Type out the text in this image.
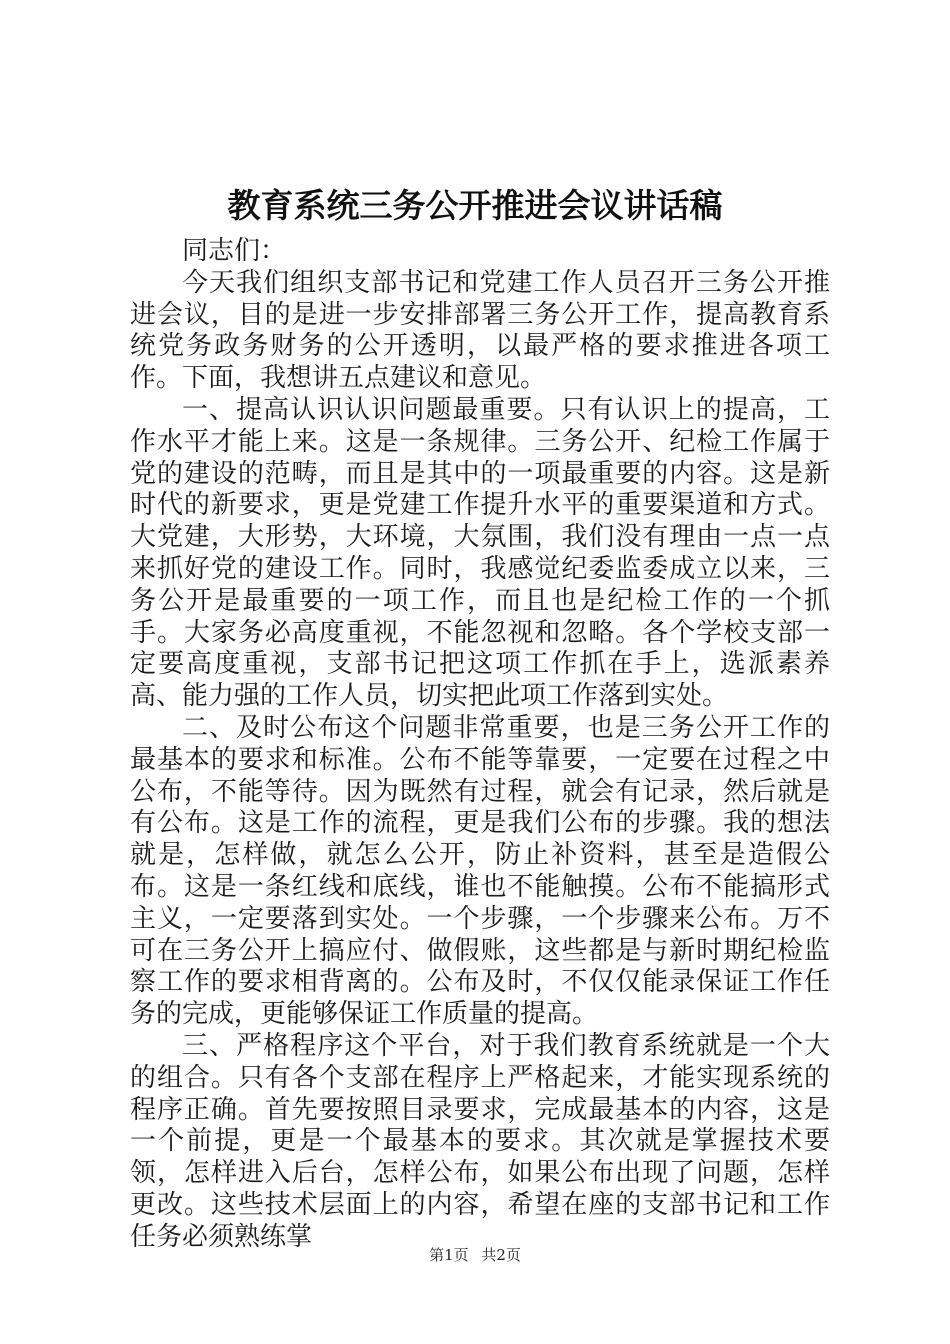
教育系统三务公开推进会议讲话稿

同志们：

今天我们组织支部书记和党建工作人员召开三务公开推进会议，目的是进一步安排部署三务公开工作，提高教育系统党务政务财务的公开透明，以最严格的要求推进各项工作。下面，我想讲五点建议和意见。

一、提高认识认识问题最重要。只有认识上的提高，工作水平才能上来。这是一条规律。三务公开、纪检工作属于党的建设的范畴，而且是其中的一项最重要的内容。这是新时代的新要求，更是党建工作提升水平的重要渠道和方式。大党建，大形势，大环境，大氛围，我们没有理由一点一点来抓好党的建设工作。同时，我感觉纪委监委成立以来，三务公开是最重要的一项工作，而且也是纪检工作的一个抓手。大家务必高度重视，不能忽视和忽略。各个学校支部一定要高度重视，支部书记把这项工作抓在手上，选派素养高、能力强的工作人员，切实把此项工作落到实处。

二、及时公布这个问题非常重要，也是三务公开工作的最基本的要求和标准。公布不能等靠要，一定要在过程之中公布，不能等待。因为既然有过程，就会有记录，然后就是有公布。这是工作的流程，更是我们公布的步骤。我的想法就是，怎样做，就怎么公开，防止补资料，甚至是造假公布。这是一条红线和底线，谁也不能触摸。公布不能搞形式主义，一定要落到实处。一个步骤，一个步骤来公布。万不可在三务公开上搞应付、做假账，这些都是与新时期纪检监察工作的要求相背离的。公布及时，不仅仅能录保证工作任务的完成，更能够保证工作质量的提高。

三、严格程序这个平台，对于我们教育系统就是一个大的组合。只有各个支部在程序上严格起来，才能实现系统的程序正确。首先要按照目录要求，完成最基本的内容，这是一个前提，更是一个最基本的要求。其次就是掌握技术要领，怎样进入后台，怎样公布，如果公布出现了问题，怎样更改。这些技术层面上的内容，希望在座的支部书记和工作任务必须熟练掌

第1页 共2页
